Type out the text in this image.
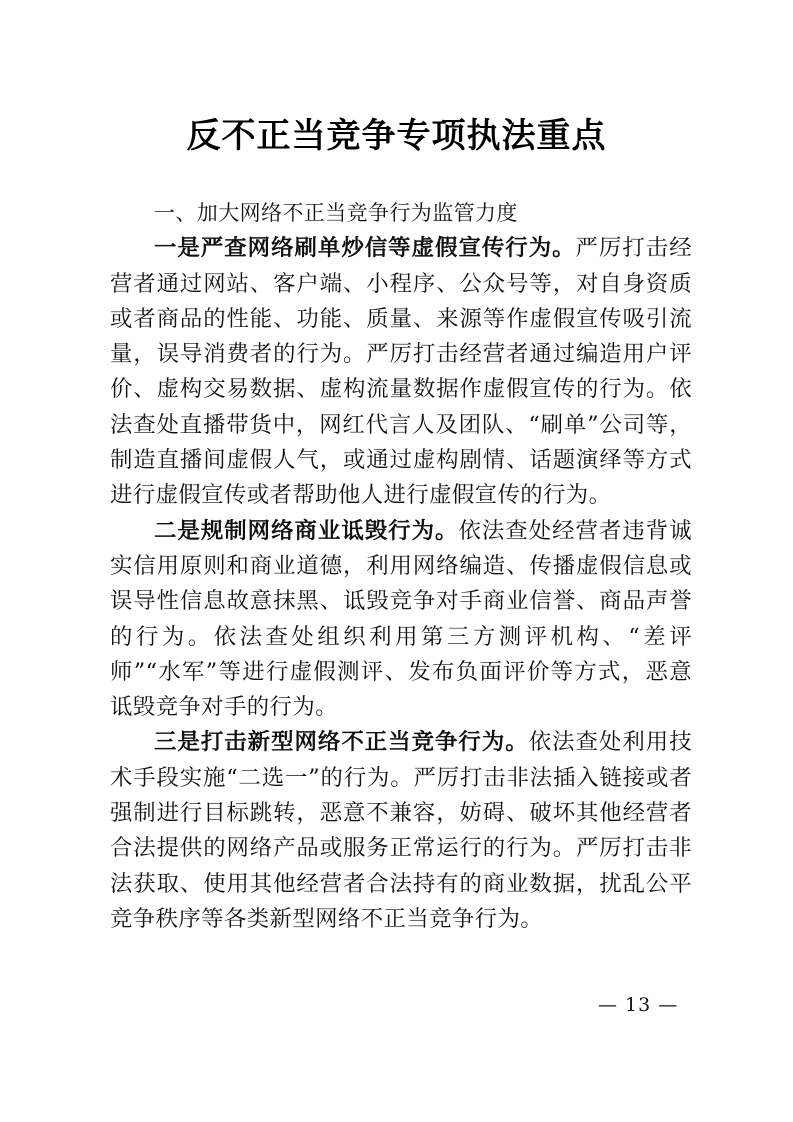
反不正当竞争专项执法重点

一、加大网络不正当竞争行为监管力度

一是严查网络刷单炒信等虚假宣传行为。严厉打击经营者通过网站、客户端、小程序、公众号等，对自身资质或者商品的性能、功能、质量、来源等作虚假宣传吸引流量，误导消费者的行为。严厉打击经营者通过编造用户评价、虚构交易数据、虚构流量数据作虚假宣传的行为。依法查处直播带货中，网红代言人及团队、“刷单”公司等，制造直播间虚假人气，或通过虚构剧情、话题演绎等方式进行虚假宣传或者帮助他人进行虚假宣传的行为。

二是规制网络商业诋毁行为。依法查处经营者违背诚实信用原则和商业道德，利用网络编造、传播虚假信息或误导性信息故意抹黑、诋毁竞争对手商业信誉、商品声誉的行为。依法查处组织利用第三方测评机构、“差评师”“水军”等进行虚假测评、发布负面评价等方式，恶意诋毁竞争对手的行为。

三是打击新型网络不正当竞争行为。依法查处利用技术手段实施“二选一”的行为。严厉打击非法插入链接或者强制进行目标跳转，恶意不兼容，妨碍、破坏其他经营者合法提供的网络产品或服务正常运行的行为。严厉打击非法获取、使用其他经营者合法持有的商业数据，扰乱公平竞争秩序等各类新型网络不正当竞争行为。

— 13 —
